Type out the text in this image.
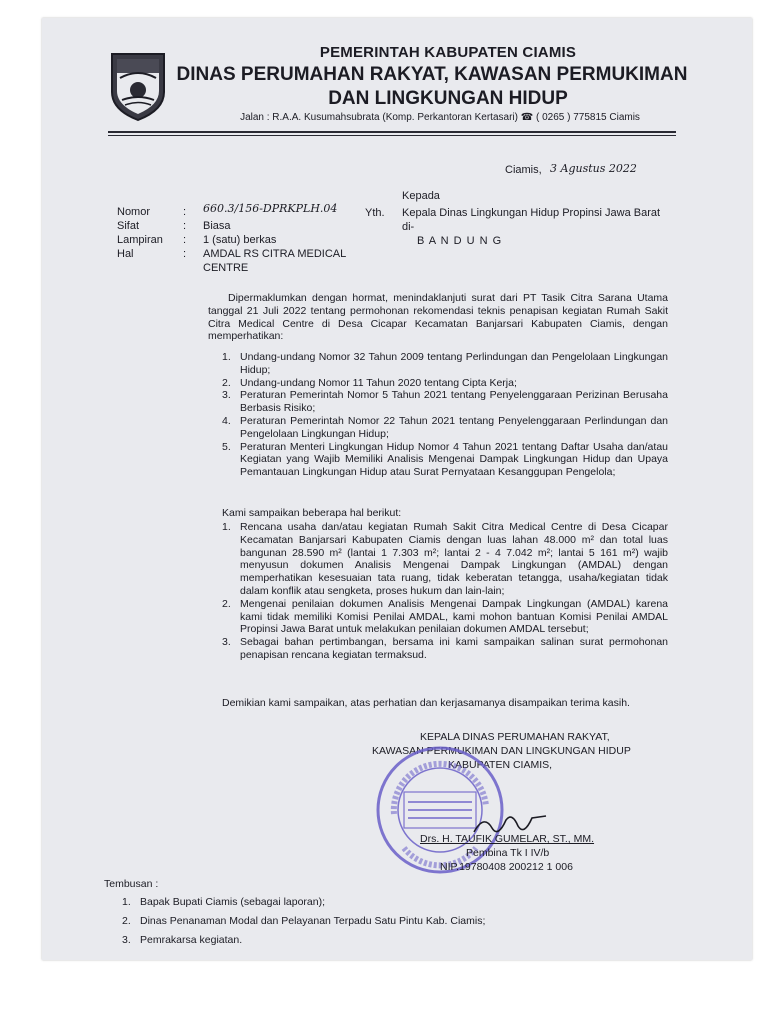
PEMERINTAH KABUPATEN CIAMIS
DINAS PERUMAHAN RAKYAT, KAWASAN PERMUKIMAN
DAN LINGKUNGAN HIDUP
Jalan : R.A.A. Kusumahsubrata (Komp. Perkantoran Kertasari) ☎ ( 0265 ) 775815 Ciamis
Ciamis, 3 Agustus 2022
Kepada
Yth. Kepala Dinas Lingkungan Hidup Propinsi Jawa Barat
di-
B A N D U N G
Nomor	: 660.3/156-DPRKPLH.04
Sifat	: Biasa
Lampiran : 1 (satu) berkas
Hal	: AMDAL RS CITRA MEDICAL
CENTRE
Dipermaklumkan dengan hormat, menindaklanjuti surat dari PT Tasik Citra Sarana Utama tanggal 21 Juli 2022 tentang permohonan rekomendasi teknis penapisan kegiatan Rumah Sakit Citra Medical Centre di Desa Cicapar Kecamatan Banjarsari Kabupaten Ciamis, dengan memperhatikan:
1. Undang-undang Nomor 32 Tahun 2009 tentang Perlindungan dan Pengelolaan Lingkungan Hidup;
2. Undang-undang Nomor 11 Tahun 2020 tentang Cipta Kerja;
3. Peraturan Pemerintah Nomor 5 Tahun 2021 tentang Penyelenggaraan Perizinan Berusaha Berbasis Risiko;
4. Peraturan Pemerintah Nomor 22 Tahun 2021 tentang Penyelenggaraan Perlindungan dan Pengelolaan Lingkungan Hidup;
5. Peraturan Menteri Lingkungan Hidup Nomor 4 Tahun 2021 tentang Daftar Usaha dan/atau Kegiatan yang Wajib Memiliki Analisis Mengenai Dampak Lingkungan Hidup dan Upaya Pemantauan Lingkungan Hidup atau Surat Pernyataan Kesanggupan Pengelola;
Kami sampaikan beberapa hal berikut:
1. Rencana usaha dan/atau kegiatan Rumah Sakit Citra Medical Centre di Desa Cicapar Kecamatan Banjarsari Kabupaten Ciamis dengan luas lahan 48.000 m² dan total luas bangunan 28.590 m² (lantai 1 7.303 m²; lantai 2 - 4 7.042 m²; lantai 5 161 m²) wajib menyusun dokumen Analisis Mengenai Dampak Lingkungan (AMDAL) dengan memperhatikan kesesuaian tata ruang, tidak keberatan tetangga, usaha/kegiatan tidak dalam konflik atau sengketa, proses hukum dan lain-lain;
2. Mengenai penilaian dokumen Analisis Mengenai Dampak Lingkungan (AMDAL) karena kami tidak memiliki Komisi Penilai AMDAL, kami mohon bantuan Komisi Penilai AMDAL Propinsi Jawa Barat untuk melakukan penilaian dokumen AMDAL tersebut;
3. Sebagai bahan pertimbangan, bersama ini kami sampaikan salinan surat permohonan penapisan rencana kegiatan termaksud.
Demikian kami sampaikan, atas perhatian dan kerjasamanya disampaikan terima kasih.
KEPALA DINAS PERUMAHAN RAKYAT,
KAWASAN PERMUKIMAN DAN LINGKUNGAN HIDUP
KABUPATEN CIAMIS,
Drs. H. TAUFIK GUMELAR, ST., MM.
Pembina Tk I IV/b
NIP.19780408 200212 1 006
Tembusan :
1. Bapak Bupati Ciamis (sebagai laporan);
2. Dinas Penanaman Modal dan Pelayanan Terpadu Satu Pintu Kab. Ciamis;
3. Pemrakarsa kegiatan.
